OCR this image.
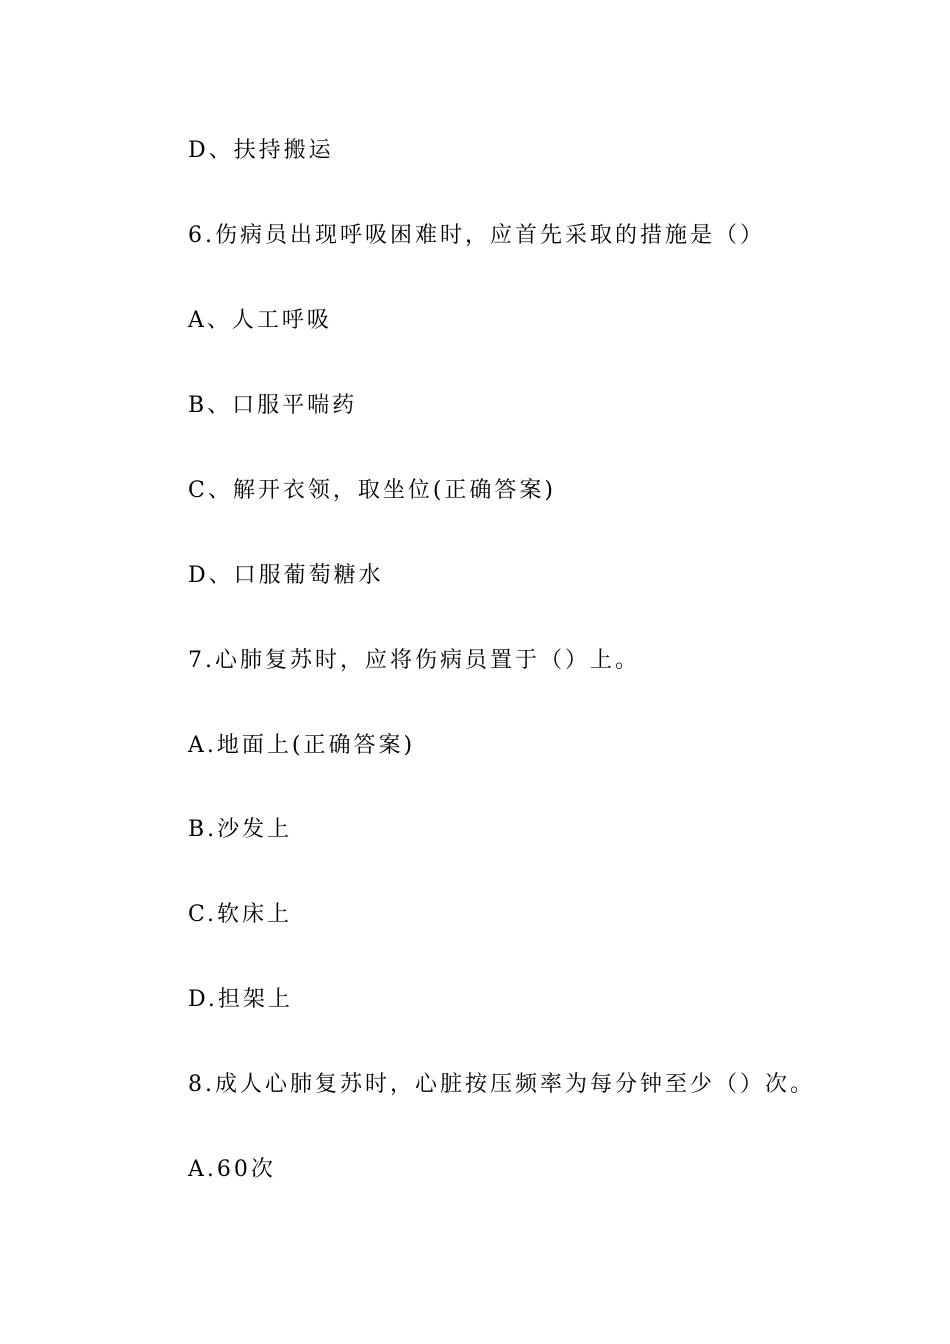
D、扶持搬运
6.伤病员出现呼吸困难时，应首先采取的措施是（）
A、人工呼吸
B、口服平喘药
C、解开衣领，取坐位(正确答案)
D、口服葡萄糖水
7.心肺复苏时，应将伤病员置于（）上。
A.地面上(正确答案)
B.沙发上
C.软床上
D.担架上
8.成人心肺复苏时，心脏按压频率为每分钟至少（）次。
A.60次
